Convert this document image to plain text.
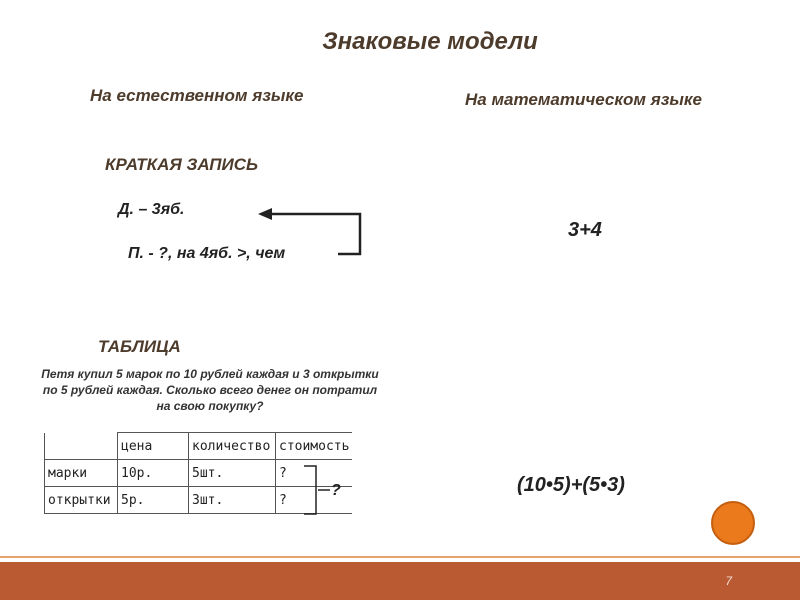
Знаковые модели
На естественном языке	На математическом языке
КРАТКАЯ ЗАПИСЬ
Д. – 3яб.
П. - ?, на 4яб. >, чем
3+4
ТАБЛИЦА
Петя купил 5 марок по 10 рублей каждая и 3 открытки по 5 рублей каждая. Сколько всего денег он потратил на свою покупку?
	цена	количество	стоимость
марки	10р.	5шт.	?
открытки	5р.	3шт.	?
?	(10•5)+(5•3)
7
